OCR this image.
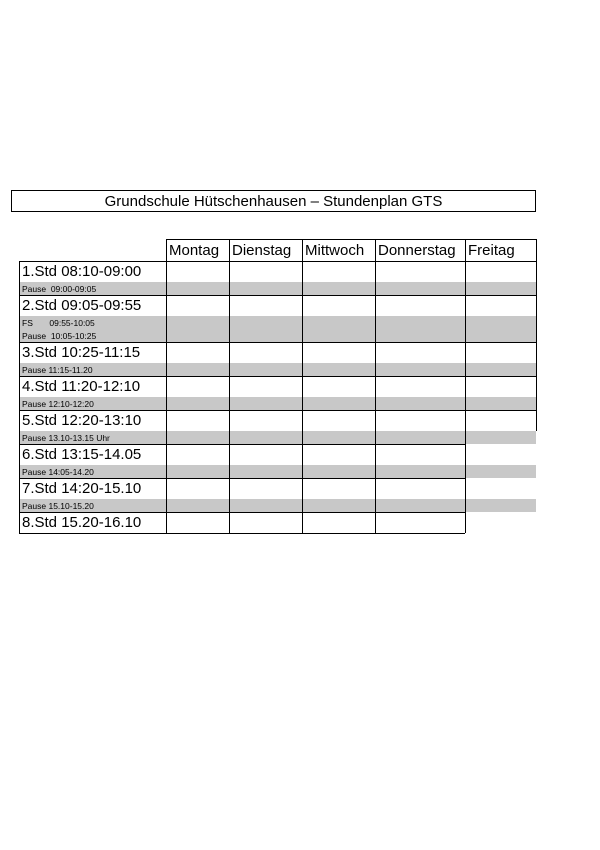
Grundschule Hütschenhausen – Stundenplan GTS
Montag Dienstag Mittwoch Donnerstag Freitag
1.Std 08:10-09:00
Pause  09:00-09:05
2.Std 09:05-09:55
FS       09:55-10:05
Pause  10:05-10:25
3.Std 10:25-11:15
Pause 11:15-11.20
4.Std 11:20-12:10
Pause 12:10-12:20
5.Std 12:20-13:10
Pause 13.10-13.15 Uhr
6.Std 13:15-14.05
Pause 14:05-14.20
7.Std 14:20-15.10
Pause 15.10-15.20
8.Std 15.20-16.10
